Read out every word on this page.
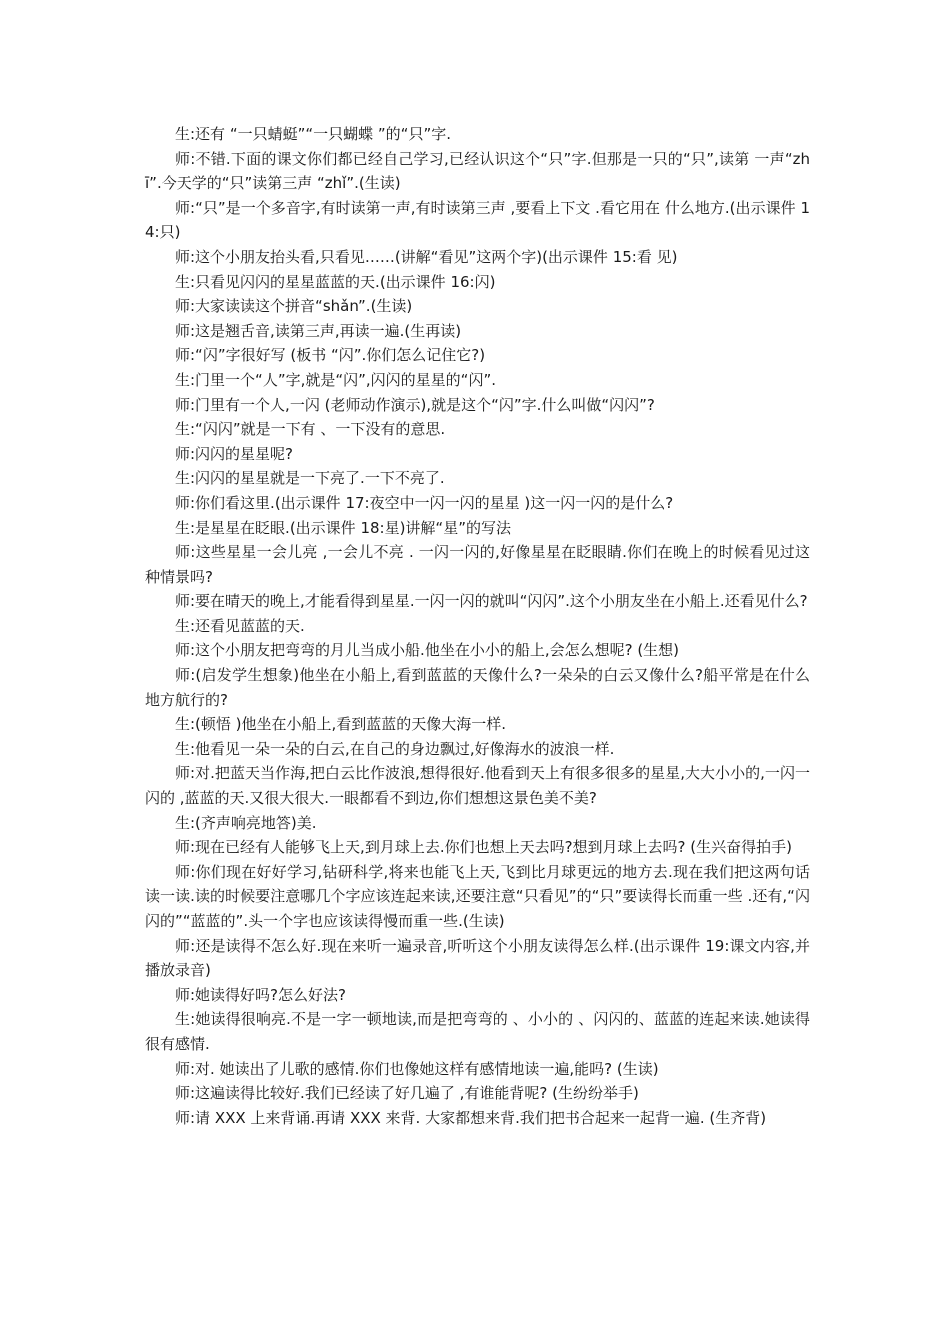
生:还有 “一只蜻蜓”“一只蝴蝶 ”的“只”字.

师:不错.下面的课文你们都已经自己学习,已经认识这个“只”字.但那是一只的“只”,读第 一声“zhī”.今天学的“只”读第三声 “zhǐ”.(生读)

师:“只”是一个多音字,有时读第一声,有时读第三声 ,要看上下文 .看它用在 什么地方.(出示课件 14:只)

师:这个小朋友抬头看,只看见……(讲解“看见”这两个字)(出示课件 15:看 见)

生:只看见闪闪的星星蓝蓝的天.(出示课件 16:闪)

师:大家读读这个拼音“shǎn”.(生读)

师:这是翘舌音,读第三声,再读一遍.(生再读)

师:“闪”字很好写 (板书 “闪”.你们怎么记住它?)

生:门里一个“人”字,就是“闪”,闪闪的星星的“闪”.

师:门里有一个人,一闪 (老师动作演示),就是这个“闪”字.什么叫做“闪闪”?

生:“闪闪”就是一下有 、一下没有的意思.

师:闪闪的星星呢?

生:闪闪的星星就是一下亮了.一下不亮了.

师:你们看这里.(出示课件 17:夜空中一闪一闪的星星 )这一闪一闪的是什么?

生:是星星在眨眼.(出示课件 18:星)讲解“星”的写法

师:这些星星一会儿亮 ,一会儿不亮 . 一闪一闪的,好像星星在眨眼睛.你们在晚上的时候看见过这种情景吗?

师:要在晴天的晚上,才能看得到星星.一闪一闪的就叫“闪闪”.这个小朋友坐在小船上.还看见什么?

生:还看见蓝蓝的天.

师:这个小朋友把弯弯的月儿当成小船.他坐在小小的船上,会怎么想呢? (生想)

师:(启发学生想象)他坐在小船上,看到蓝蓝的天像什么?一朵朵的白云又像什么?船平常是在什么地方航行的?

生:(顿悟 )他坐在小船上,看到蓝蓝的天像大海一样.

生:他看见一朵一朵的白云,在自己的身边飘过,好像海水的波浪一样.

师:对.把蓝天当作海,把白云比作波浪,想得很好.他看到天上有很多很多的星星,大大小小的,一闪一闪的 ,蓝蓝的天.又很大很大.一眼都看不到边,你们想想这景色美不美?

生:(齐声响亮地答)美.

师:现在已经有人能够飞上天,到月球上去.你们也想上天去吗?想到月球上去吗? (生兴奋得拍手)

师:你们现在好好学习,钻研科学,将来也能飞上天,飞到比月球更远的地方去.现在我们把这两句话读一读.读的时候要注意哪几个字应该连起来读,还要注意“只看见”的“只”要读得长而重一些 .还有,“闪闪的”“蓝蓝的”.头一个字也应该读得慢而重一些.(生读)

师:还是读得不怎么好.现在来听一遍录音,听听这个小朋友读得怎么样.(出示课件 19:课文内容,并播放录音)

师:她读得好吗?怎么好法?

生:她读得很响亮.不是一字一顿地读,而是把弯弯的 、小小的 、闪闪的、蓝蓝的连起来读.她读得很有感情.

师:对. 她读出了儿歌的感情.你们也像她这样有感情地读一遍,能吗? (生读)

师:这遍读得比较好.我们已经读了好几遍了 ,有谁能背呢? (生纷纷举手)

师:请 XXX 上来背诵.再请 XXX 来背. 大家都想来背.我们把书合起来一起背一遍. (生齐背)
